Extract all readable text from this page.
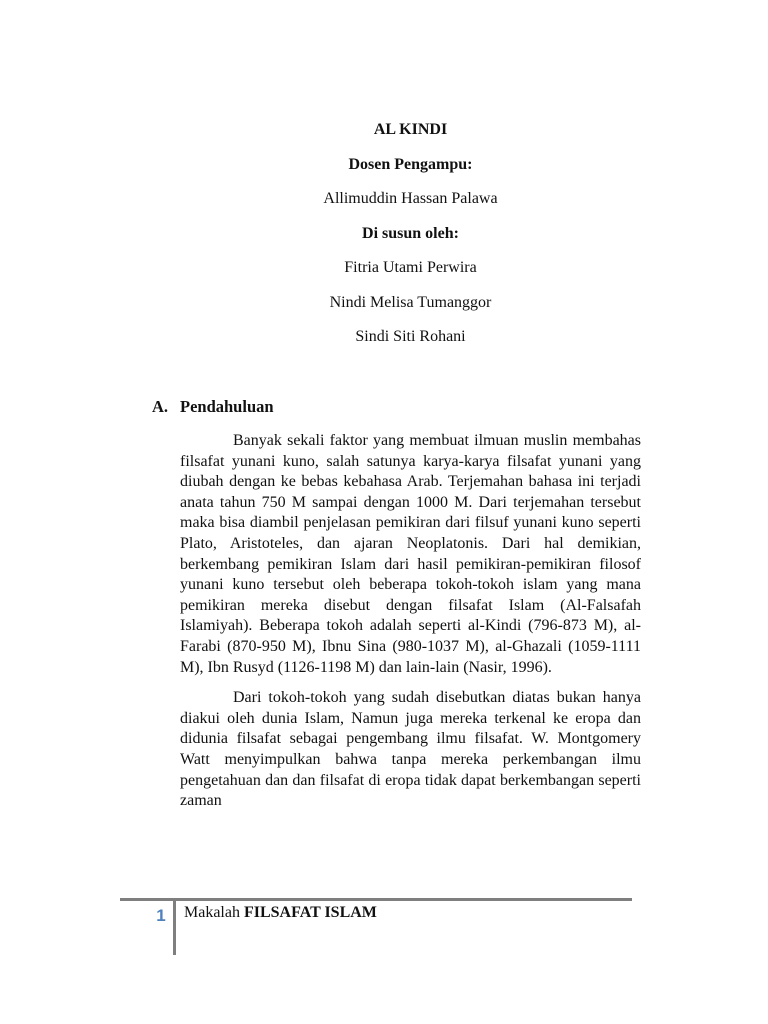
AL KINDI
Dosen Pengampu:
Allimuddin Hassan Palawa
Di susun oleh:
Fitria Utami Perwira
Nindi Melisa Tumanggor
Sindi Siti Rohani
A. Pendahuluan

Banyak sekali faktor yang membuat ilmuan muslin membahas filsafat yunani kuno, salah satunya karya-karya filsafat yunani yang diubah dengan ke bebas kebahasa Arab. Terjemahan bahasa ini terjadi anata tahun 750 M sampai dengan 1000 M. Dari terjemahan tersebut maka bisa diambil penjelasan pemikiran dari filsuf yunani kuno seperti Plato, Aristoteles, dan ajaran Neoplatonis. Dari hal demikian, berkembang pemikiran Islam dari hasil pemikiran-pemikiran filosof yunani kuno tersebut oleh beberapa tokoh-tokoh islam yang mana pemikiran mereka disebut dengan filsafat Islam (Al-Falsafah Islamiyah). Beberapa tokoh adalah seperti al-Kindi (796-873 M), al-Farabi (870-950 M), Ibnu Sina (980-1037 M), al-Ghazali (1059-1111 M), Ibn Rusyd (1126-1198 M) dan lain-lain (Nasir, 1996).

Dari tokoh-tokoh yang sudah disebutkan diatas bukan hanya diakui oleh dunia Islam, Namun juga mereka terkenal ke eropa dan didunia filsafat sebagai pengembang ilmu filsafat. W. Montgomery Watt menyimpulkan bahwa tanpa mereka perkembangan ilmu pengetahuan dan dan filsafat di eropa tidak dapat berkembangan seperti zaman

1	Makalah FILSAFAT ISLAM
